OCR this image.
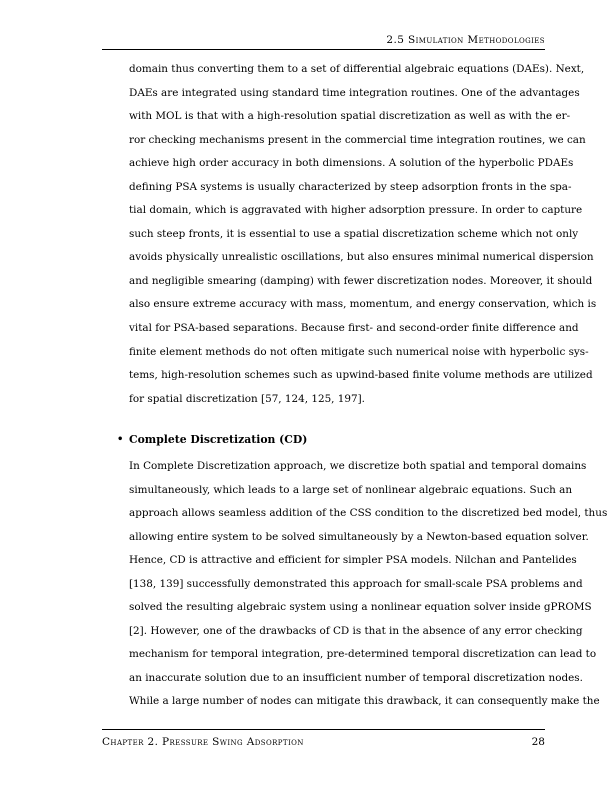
2.5 Simulation Methodologies
domain thus converting them to a set of differential algebraic equations (DAEs). Next,
DAEs are integrated using standard time integration routines. One of the advantages
with MOL is that with a high-resolution spatial discretization as well as with the er-
ror checking mechanisms present in the commercial time integration routines, we can
achieve high order accuracy in both dimensions. A solution of the hyperbolic PDAEs
defining PSA systems is usually characterized by steep adsorption fronts in the spa-
tial domain, which is aggravated with higher adsorption pressure. In order to capture
such steep fronts, it is essential to use a spatial discretization scheme which not only
avoids physically unrealistic oscillations, but also ensures minimal numerical dispersion
and negligible smearing (damping) with fewer discretization nodes. Moreover, it should
also ensure extreme accuracy with mass, momentum, and energy conservation, which is
vital for PSA-based separations. Because first- and second-order finite difference and
finite element methods do not often mitigate such numerical noise with hyperbolic sys-
tems, high-resolution schemes such as upwind-based finite volume methods are utilized
for spatial discretization [57, 124, 125, 197].
• Complete Discretization (CD)
In Complete Discretization approach, we discretize both spatial and temporal domains
simultaneously, which leads to a large set of nonlinear algebraic equations. Such an
approach allows seamless addition of the CSS condition to the discretized bed model, thus
allowing entire system to be solved simultaneously by a Newton-based equation solver.
Hence, CD is attractive and efficient for simpler PSA models. Nilchan and Pantelides
[138, 139] successfully demonstrated this approach for small-scale PSA problems and
solved the resulting algebraic system using a nonlinear equation solver inside gPROMS
[2]. However, one of the drawbacks of CD is that in the absence of any error checking
mechanism for temporal integration, pre-determined temporal discretization can lead to
an inaccurate solution due to an insufficient number of temporal discretization nodes.
While a large number of nodes can mitigate this drawback, it can consequently make the
Chapter 2. Pressure Swing Adsorption	28
